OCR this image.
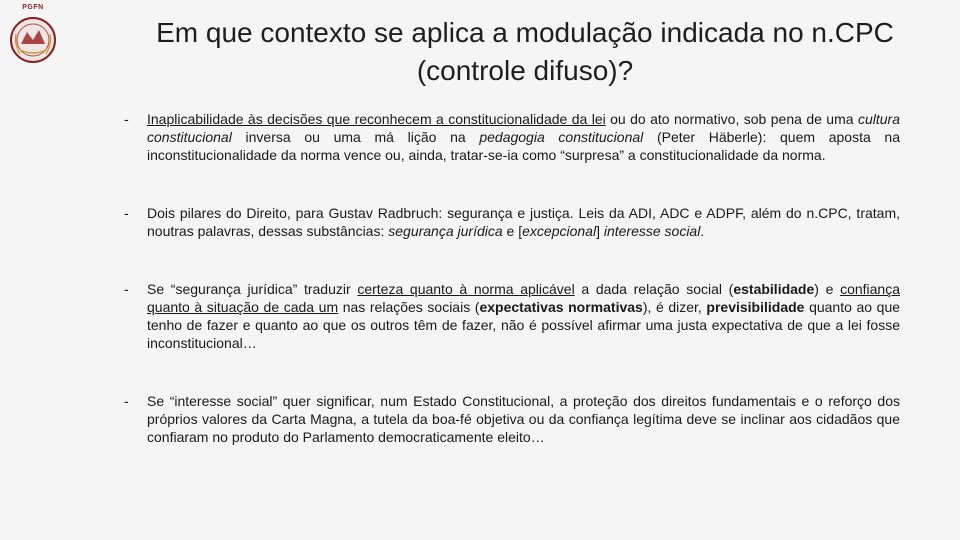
PGFN
Em que contexto se aplica a modulação indicada no n.CPC (controle difuso)?
-	Inaplicabilidade às decisões que reconhecem a constitucionalidade da lei ou do ato normativo, sob pena de uma cultura constitucional inversa ou uma má lição na pedagogia constitucional (Peter Häberle): quem aposta na inconstitucionalidade da norma vence ou, ainda, tratar-se-ia como “surpresa” a constitucionalidade da norma.
-	Dois pilares do Direito, para Gustav Radbruch: segurança e justiça. Leis da ADI, ADC e ADPF, além do n.CPC, tratam, noutras palavras, dessas substâncias: segurança jurídica e [excepcional] interesse social.
-	Se “segurança jurídica” traduzir certeza quanto à norma aplicável a dada relação social (estabilidade) e confiança quanto à situação de cada um nas relações sociais (expectativas normativas), é dizer, previsibilidade quanto ao que tenho de fazer e quanto ao que os outros têm de fazer, não é possível afirmar uma justa expectativa de que a lei fosse inconstitucional…
-	Se “interesse social” quer significar, num Estado Constitucional, a proteção dos direitos fundamentais e o reforço dos próprios valores da Carta Magna, a tutela da boa-fé objetiva ou da confiança legítima deve se inclinar aos cidadãos que confiaram no produto do Parlamento democraticamente eleito…
